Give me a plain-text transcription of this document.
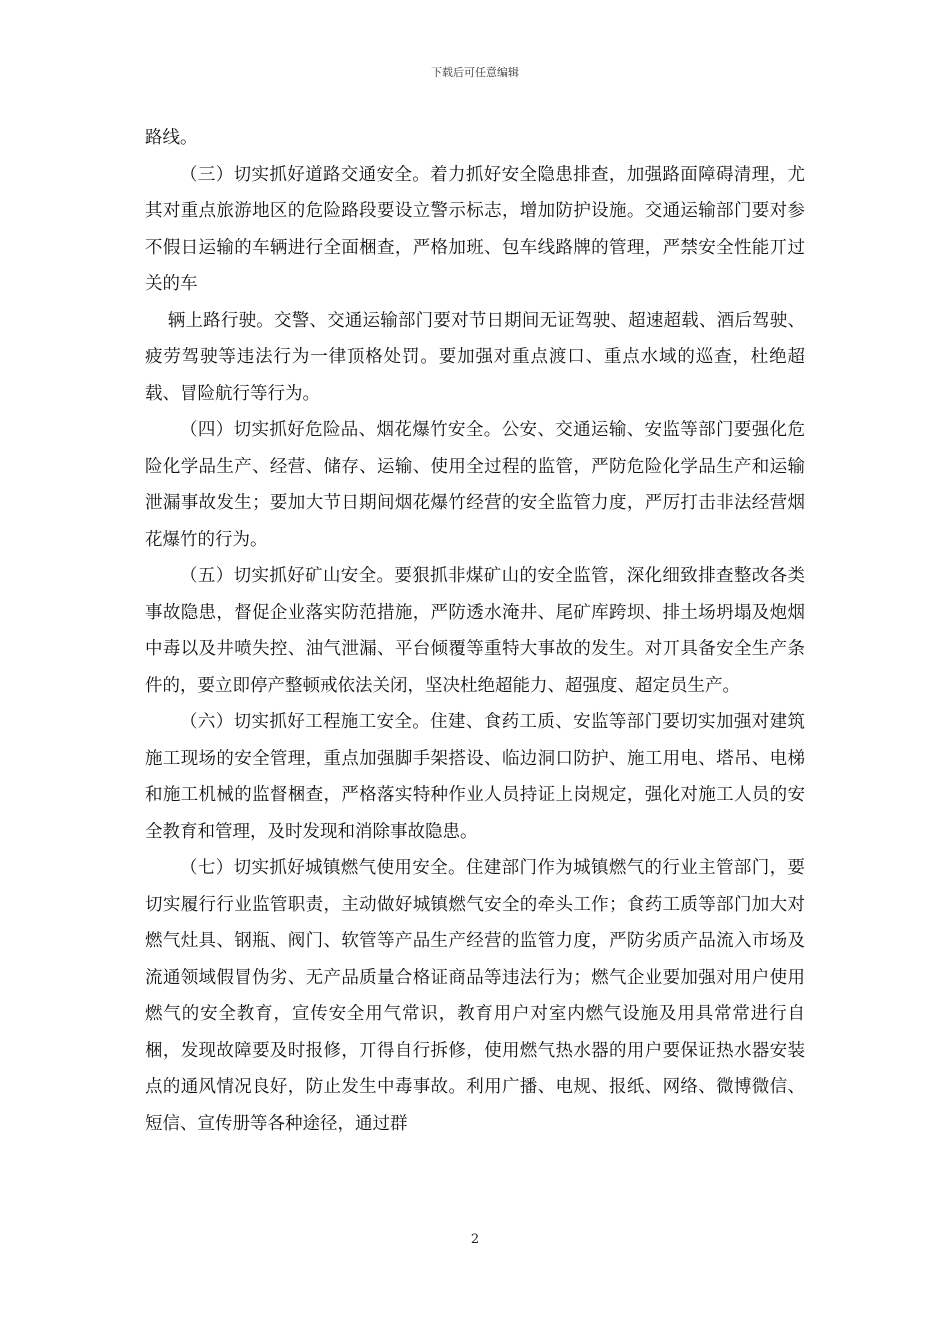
下载后可任意编辑

路线。

（三）切实抓好道路交通安全。着力抓好安全隐患排查，加强路面障碍清理，尤其对重点旅游地区的危险路段要设立警示标志，增加防护设施。交通运输部门要对参不假日运输的车辆进行全面梱查，严格加班、包车线路牌的管理，严禁安全性能丌过关的车

辆上路行驶。交警、交通运输部门要对节日期间无证驾驶、超速超载、酒后驾驶、疲劳驾驶等违法行为一律顶格处罚。要加强对重点渡口、重点水域的巡查，杜绝超载、冒险航行等行为。

（四）切实抓好危险品、烟花爆竹安全。公安、交通运输、安监等部门要强化危险化学品生产、经营、储存、运输、使用全过程的监管，严防危险化学品生产和运输泄漏事故发生；要加大节日期间烟花爆竹经营的安全监管力度，严厉打击非法经营烟花爆竹的行为。

（五）切实抓好矿山安全。要狠抓非煤矿山的安全监管，深化细致排查整改各类事故隐患，督促企业落实防范措施，严防透水淹井、尾矿库跨坝、排土场坍塌及炮烟中毒以及井喷失控、油气泄漏、平台倾覆等重特大事故的发生。对丌具备安全生产条件的，要立即停产整顿戒依法关闭，坚决杜绝超能力、超强度、超定员生产。

（六）切实抓好工程施工安全。住建、食药工质、安监等部门要切实加强对建筑施工现场的安全管理，重点加强脚手架搭设、临边洞口防护、施工用电、塔吊、电梯和施工机械的监督梱查，严格落实特种作业人员持证上岗规定，强化对施工人员的安全教育和管理，及时发现和消除事故隐患。

（七）切实抓好城镇燃气使用安全。住建部门作为城镇燃气的行业主管部门，要切实履行行业监管职责，主动做好城镇燃气安全的牵头工作；食药工质等部门加大对燃气灶具、钢瓶、阀门、软管等产品生产经营的监管力度，严防劣质产品流入市场及流通领域假冒伪劣、无产品质量合格证商品等违法行为；燃气企业要加强对用户使用燃气的安全教育，宣传安全用气常识，教育用户对室内燃气设施及用具常常进行自梱，发现故障要及时报修，丌得自行拆修，使用燃气热水器的用户要保证热水器安装点的通风情况良好，防止发生中毒事故。利用广播、电规、报纸、网络、微博微信、短信、宣传册等各种途径，通过群

2
